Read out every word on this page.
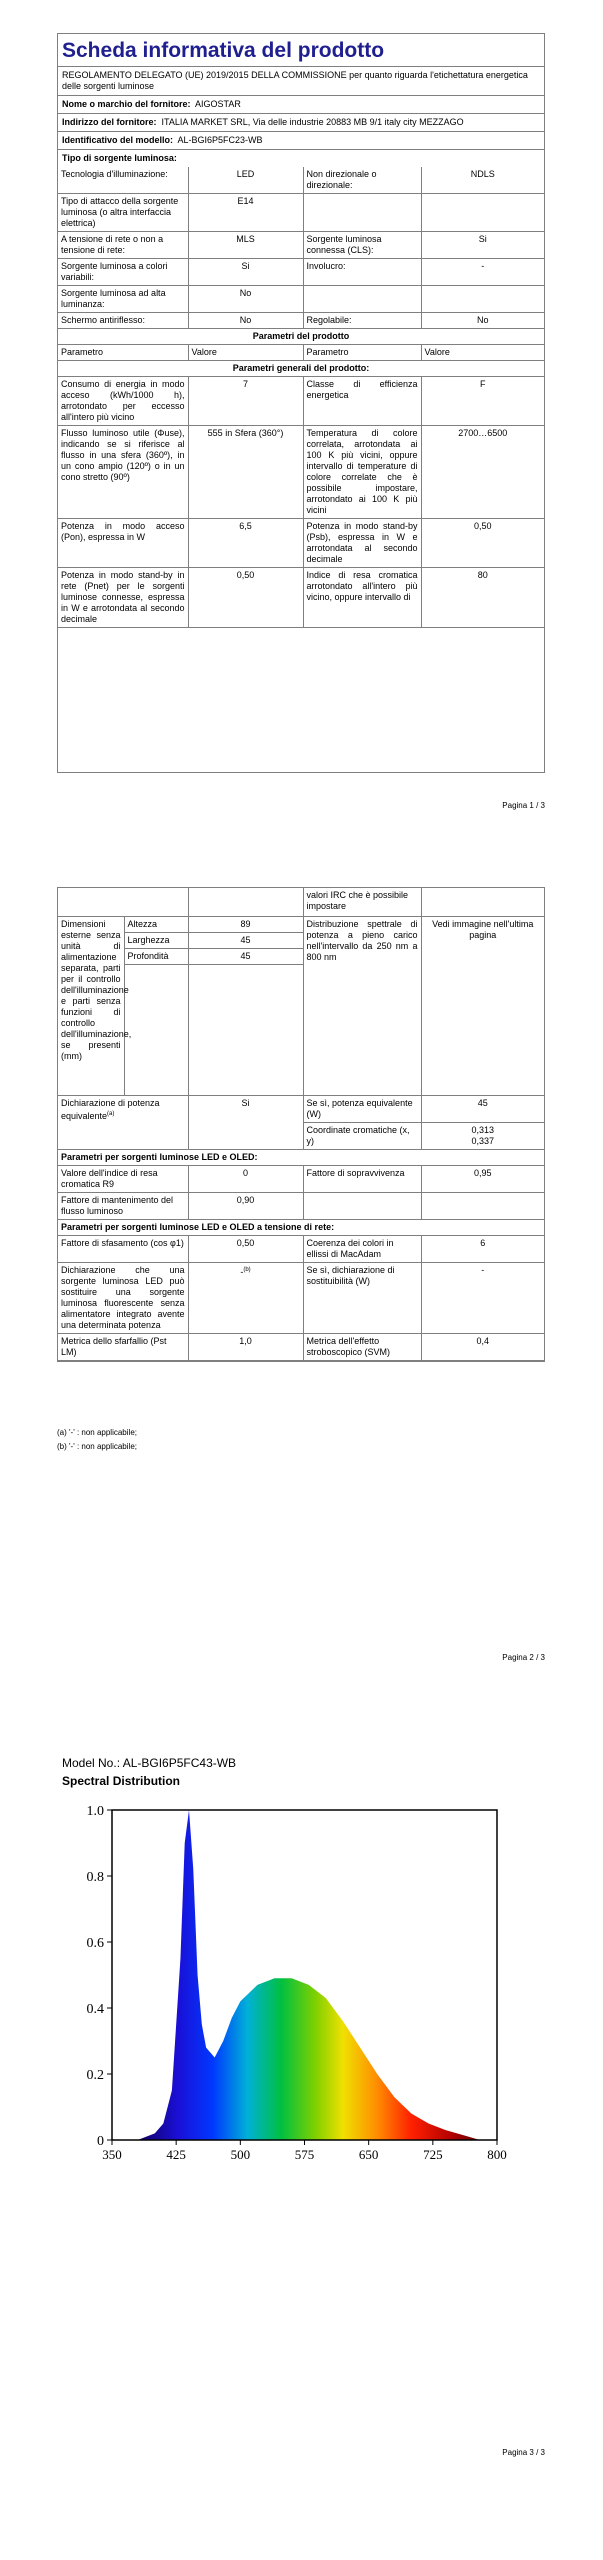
Scheda informativa del prodotto
REGOLAMENTO DELEGATO (UE) 2019/2015 DELLA COMMISSIONE per quanto riguarda l'etichettatura energetica delle sorgenti luminose
Nome o marchio del fornitore: AIGOSTAR
Indirizzo del fornitore: ITALIA MARKET SRL, Via delle industrie 20883 MB 9/1 italy city MEZZAGO
Identificativo del modello: AL-BGI6P5FC23-WB
Tipo di sorgente luminosa:
Tecnologia d'illuminazione:	LED	Non direzionale o direzionale:	NDLS
Tipo di attacco della sorgente luminosa (o altra interfaccia elettrica)	E14		
A tensione di rete o non a tensione di rete:	MLS	Sorgente luminosa connessa (CLS):	Si
Sorgente luminosa a colori variabili:	Si	Involucro:	-
Sorgente luminosa ad alta luminanza:	No		
Schermo antiriflesso:	No	Regolabile:	No
Parametri del prodotto			
Parametro	Valore	Parametro	Valore
Parametri generali del prodotto:			
Consumo di energia in modo acceso (kWh/1000 h), arrotondato per eccesso all'intero più vicino	7	Classe di efficienza energetica	F
Flusso luminoso utile (Φuse), indicando se si riferisce al flusso in una sfera (360º), in un cono ampio (120º) o in un cono stretto (90º)	555 in Sfera (360°)	Temperatura di colore correlata, arrotondata ai 100 K più vicini, oppure intervallo di temperature di colore correlate che è possibile impostare, arrotondato ai 100 K più vicini	2700…6500
Potenza in modo acceso (Pon), espressa in W	6,5	Potenza in modo stand-by (Psb), espressa in W e arrotondata al secondo decimale	0,50
Potenza in modo stand-by in rete (Pnet) per le sorgenti luminose connesse, espressa in W e arrotondata al secondo decimale	0,50	Indice di resa cromatica arrotondato all'intero più vicino, oppure intervallo di	80
Pagina 1 / 3
			valori IRC che è possibile impostare	
Dimensioni esterne senza unità di alimentazione separata, parti per il controllo dell'illuminazione e parti senza funzioni di controllo dell'illuminazione, se presenti (mm)	Altezza	89	Distribuzione spettrale di potenza a pieno carico nell'intervallo da 250 nm a 800 nm	Vedi immagine nell'ultima pagina
	Larghezza	45		
	Profondità	45		

Dichiarazione di potenza equivalente$^{(a)}$		Si	Se sì, potenza equivalente (W)	45
			Coordinate cromatiche (x, y)	0,313
0,337

Parametri per sorgenti luminose LED e OLED:				
Valore dell'indice di resa cromatica R9		0	Fattore di sopravvivenza	0,95
Fattore di mantenimento del flusso luminoso		0,90		
Parametri per sorgenti luminose LED e OLED a tensione di rete:				
Fattore di sfasamento (cos φ1)		0,50	Coerenza dei colori in ellissi di MacAdam	6
Dichiarazione che una sorgente luminosa LED può sostituire una sorgente luminosa fluorescente senza alimentatore integrato avente una determinata potenza		-$^{(b)}$	Se sì, dichiarazione di sostituibilità (W)	-
Metrica dello sfarfallio (Pst LM)		1,0	Metrica dell'effetto stroboscopico (SVM)	0,4
(a) '-' : non applicabile;
(b) '-' : non applicabile;
Pagina 2 / 3
Model No.: AL-BGI6P5FC43-WB
Spectral Distribution
350	425	500	575	650	725	800
0
0.2
0.4
0.6
0.8
1.0
Pagina 3 / 3
